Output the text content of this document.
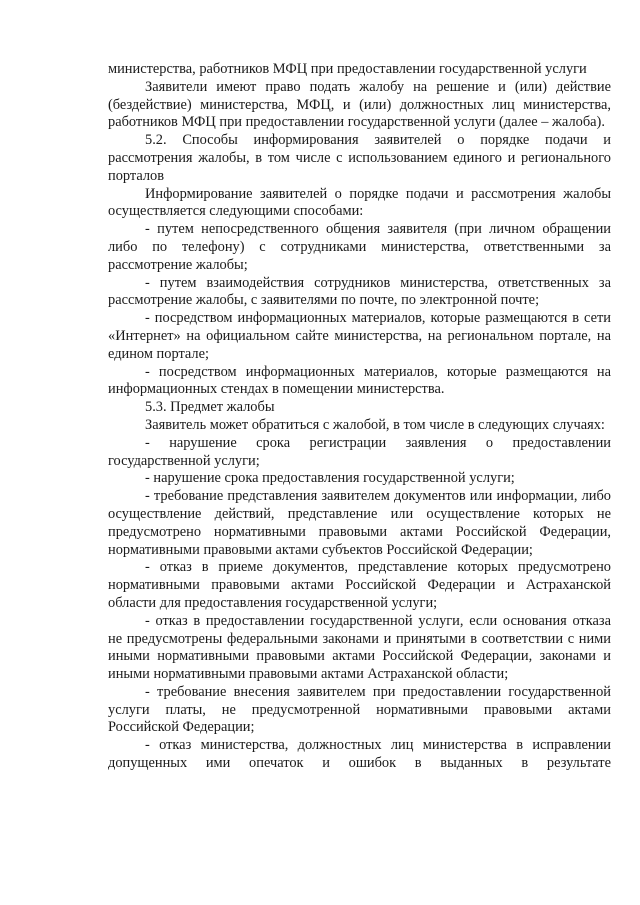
министерства, работников МФЦ при предоставлении государственной услуги

Заявители имеют право подать жалобу на решение и (или) действие (бездействие) министерства, МФЦ, и (или) должностных лиц министерства, работников МФЦ при предоставлении государственной услуги (далее – жалоба).

5.2. Способы информирования заявителей о порядке подачи и рассмотрения жалобы, в том числе с использованием единого и регионального порталов

Информирование заявителей о порядке подачи и рассмотрения жалобы осуществляется следующими способами:

- путем непосредственного общения заявителя (при личном обращении либо по телефону) с сотрудниками министерства, ответственными за рассмотрение жалобы;

- путем взаимодействия сотрудников министерства, ответственных за рассмотрение жалобы, с заявителями по почте, по электронной почте;

- посредством информационных материалов, которые размещаются в сети «Интернет» на официальном сайте министерства, на региональном портале, на едином портале;

- посредством информационных материалов, которые размещаются на информационных стендах в помещении министерства.

5.3. Предмет жалобы

Заявитель может обратиться с жалобой, в том числе в следующих случаях:

- нарушение срока регистрации заявления о предоставлении государственной услуги;

- нарушение срока предоставления государственной услуги;

- требование представления заявителем документов или информации, либо осуществление действий, представление или осуществление которых не предусмотрено нормативными правовыми актами Российской Федерации, нормативными правовыми актами субъектов Российской Федерации;

- отказ в приеме документов, представление которых предусмотрено нормативными правовыми актами Российской Федерации и Астраханской области для предоставления государственной услуги;

- отказ в предоставлении государственной услуги, если основания отказа не предусмотрены федеральными законами и принятыми в соответствии с ними иными нормативными правовыми актами Российской Федерации, законами и иными нормативными правовыми актами Астраханской области;

- требование внесения заявителем при предоставлении государственной услуги платы, не предусмотренной нормативными правовыми актами Российской Федерации;

- отказ министерства, должностных лиц министерства в исправлении допущенных ими опечаток и ошибок в выданных в результате
